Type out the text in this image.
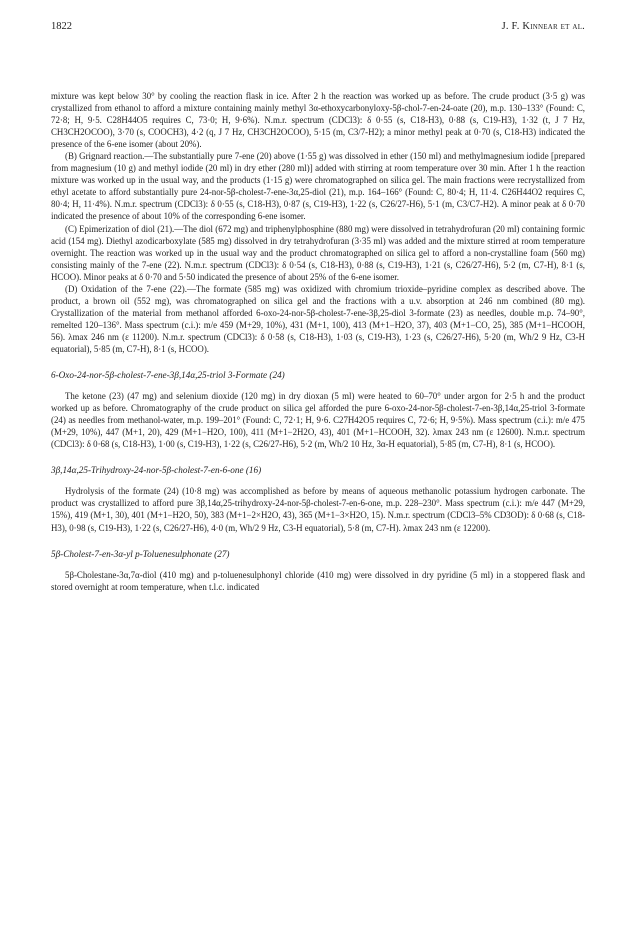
1822	J. F. Kinnear et al.

mixture was kept below 30° by cooling the reaction flask in ice. After 2 h the reaction was worked up as before. The crude product (3·5 g) was crystallized from ethanol to afford a mixture containing mainly methyl 3α-ethoxycarbonyloxy-5β-chol-7-en-24-oate (20), m.p. 130–133° (Found: C, 72·8; H, 9·5. C28H44O5 requires C, 73·0; H, 9·6%). N.m.r. spectrum (CDCl3): δ 0·55 (s, C18-H3), 0·88 (s, C19-H3), 1·32 (t, J 7 Hz, CH3CH2OCOO), 3·70 (s, COOCH3), 4·2 (q, J 7 Hz, CH3CH2OCOO), 5·15 (m, C3/7-H2); a minor methyl peak at 0·70 (s, C18-H3) indicated the presence of the 6-ene isomer (about 20%).

(B) Grignard reaction.—The substantially pure 7-ene (20) above (1·55 g) was dissolved in ether (150 ml) and methylmagnesium iodide [prepared from magnesium (10 g) and methyl iodide (20 ml) in dry ether (280 ml)] added with stirring at room temperature over 30 min. After 1 h the reaction mixture was worked up in the usual way, and the products (1·15 g) were chromatographed on silica gel. The main fractions were recrystallized from ethyl acetate to afford substantially pure 24-nor-5β-cholest-7-ene-3α,25-diol (21), m.p. 164–166° (Found: C, 80·4; H, 11·4. C26H44O2 requires C, 80·4; H, 11·4%). N.m.r. spectrum (CDCl3): δ 0·55 (s, C18-H3), 0·87 (s, C19-H3), 1·22 (s, C26/27-H6), 5·1 (m, C3/C7-H2). A minor peak at δ 0·70 indicated the presence of about 10% of the corresponding 6-ene isomer.

(C) Epimerization of diol (21).—The diol (672 mg) and triphenylphosphine (880 mg) were dissolved in tetrahydrofuran (20 ml) containing formic acid (154 mg). Diethyl azodicarboxylate (585 mg) dissolved in dry tetrahydrofuran (3·35 ml) was added and the mixture stirred at room temperature overnight. The reaction was worked up in the usual way and the product chromatographed on silica gel to afford a non-crystalline foam (560 mg) consisting mainly of the 7-ene (22). N.m.r. spectrum (CDCl3): δ 0·54 (s, C18-H3), 0·88 (s, C19-H3), 1·21 (s, C26/27-H6), 5·2 (m, C7-H), 8·1 (s, HCOO). Minor peaks at δ 0·70 and 5·50 indicated the presence of about 25% of the 6-ene isomer.

(D) Oxidation of the 7-ene (22).—The formate (585 mg) was oxidized with chromium trioxide–pyridine complex as described above. The product, a brown oil (552 mg), was chromatographed on silica gel and the fractions with a u.v. absorption at 246 nm combined (80 mg). Crystallization of the material from methanol afforded 6-oxo-24-nor-5β-cholest-7-ene-3β,25-diol 3-formate (23) as needles, double m.p. 74–90°, remelted 120–136°. Mass spectrum (c.i.): m/e 459 (M+29, 10%), 431 (M+1, 100), 413 (M+1−H2O, 37), 403 (M+1−CO, 25), 385 (M+1−HCOOH, 56). λmax 246 nm (ε 11200). N.m.r. spectrum (CDCl3): δ 0·58 (s, C18-H3), 1·03 (s, C19-H3), 1·23 (s, C26/27-H6), 5·20 (m, Wh/2 9 Hz, C3-H equatorial), 5·85 (m, C7-H), 8·1 (s, HCOO).

6-Oxo-24-nor-5β-cholest-7-ene-3β,14α,25-triol 3-Formate (24)

The ketone (23) (47 mg) and selenium dioxide (120 mg) in dry dioxan (5 ml) were heated to 60–70° under argon for 2·5 h and the product worked up as before. Chromatography of the crude product on silica gel afforded the pure 6-oxo-24-nor-5β-cholest-7-en-3β,14α,25-triol 3-formate (24) as needles from methanol-water, m.p. 199–201° (Found: C, 72·1; H, 9·6. C27H42O5 requires C, 72·6; H, 9·5%). Mass spectrum (c.i.): m/e 475 (M+29, 10%), 447 (M+1, 20), 429 (M+1−H2O, 100), 411 (M+1−2H2O, 43), 401 (M+1−HCOOH, 32). λmax 243 nm (ε 12600). N.m.r. spectrum (CDCl3): δ 0·68 (s, C18-H3), 1·00 (s, C19-H3), 1·22 (s, C26/27-H6), 5·2 (m, Wh/2 10 Hz, 3α-H equatorial), 5·85 (m, C7-H), 8·1 (s, HCOO).

3β,14α,25-Trihydroxy-24-nor-5β-cholest-7-en-6-one (16)

Hydrolysis of the formate (24) (10·8 mg) was accomplished as before by means of aqueous methanolic potassium hydrogen carbonate. The product was crystallized to afford pure 3β,14α,25-trihydroxy-24-nor-5β-cholest-7-en-6-one, m.p. 228–230°. Mass spectrum (c.i.): m/e 447 (M+29, 15%), 419 (M+1, 30), 401 (M+1−H2O, 50), 383 (M+1−2×H2O, 43), 365 (M+1−3×H2O, 15). N.m.r. spectrum (CDCl3–5% CD3OD): δ 0·68 (s, C18-H3), 0·98 (s, C19-H3), 1·22 (s, C26/27-H6), 4·0 (m, Wh/2 9 Hz, C3-H equatorial), 5·8 (m, C7-H). λmax 243 nm (ε 12200).

5β-Cholest-7-en-3α-yl p-Toluenesulphonate (27)

5β-Cholestane-3α,7α-diol (410 mg) and p-toluenesulphonyl chloride (410 mg) were dissolved in dry pyridine (5 ml) in a stoppered flask and stored overnight at room temperature, when t.l.c. indicated
